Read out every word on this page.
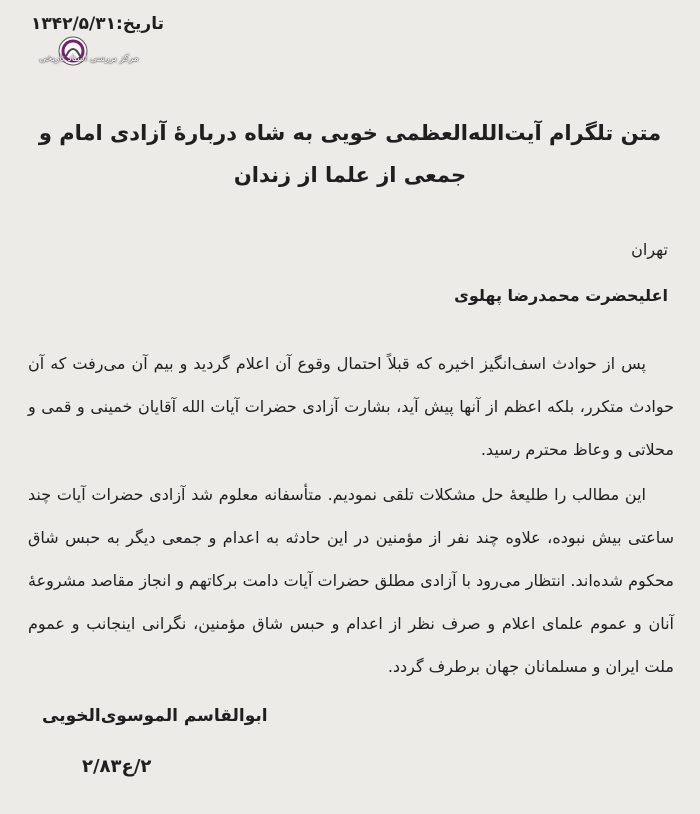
تاریخ:۱۳۴۲/۵/۳۱
مرکز بررسی اسناد تاریخی
متن تلگرام آیت‌الله‌العظمی خویی به شاه دربارهٔ آزادی امام و جمعی از علما از زندان
تهران
اعلیحضرت محمدرضا پهلوی

پس از حوادث اسف‌انگیز اخیره که قبلاً احتمال وقوع آن اعلام گردید و بیم آن می‌رفت که آن حوادث متکرر، بلکه اعظم از آنها پیش آید، بشارت آزادی حضرات آیات الله آقایان خمینی و قمی و محلاتی و وعاظ محترم رسید.

این مطالب را طلیعهٔ حل مشکلات تلقی نمودیم. متأسفانه معلوم شد آزادی حضرات آیات چند ساعتی بیش نبوده، علاوه چند نفر از مؤمنین در این حادثه به اعدام و جمعی دیگر به حبس شاق محکوم شده‌اند. انتظار می‌رود با آزادی مطلق حضرات آیات دامت برکاتهم و انجاز مقاصد مشروعهٔ آنان و عموم علمای اعلام و صرف نظر از اعدام و حبس شاق مؤمنین، نگرانی اینجانب و عموم ملت ایران و مسلمانان جهان برطرف گردد.

ابوالقاسم الموسوی‌الخویی
۲/ع۲/۸۳
